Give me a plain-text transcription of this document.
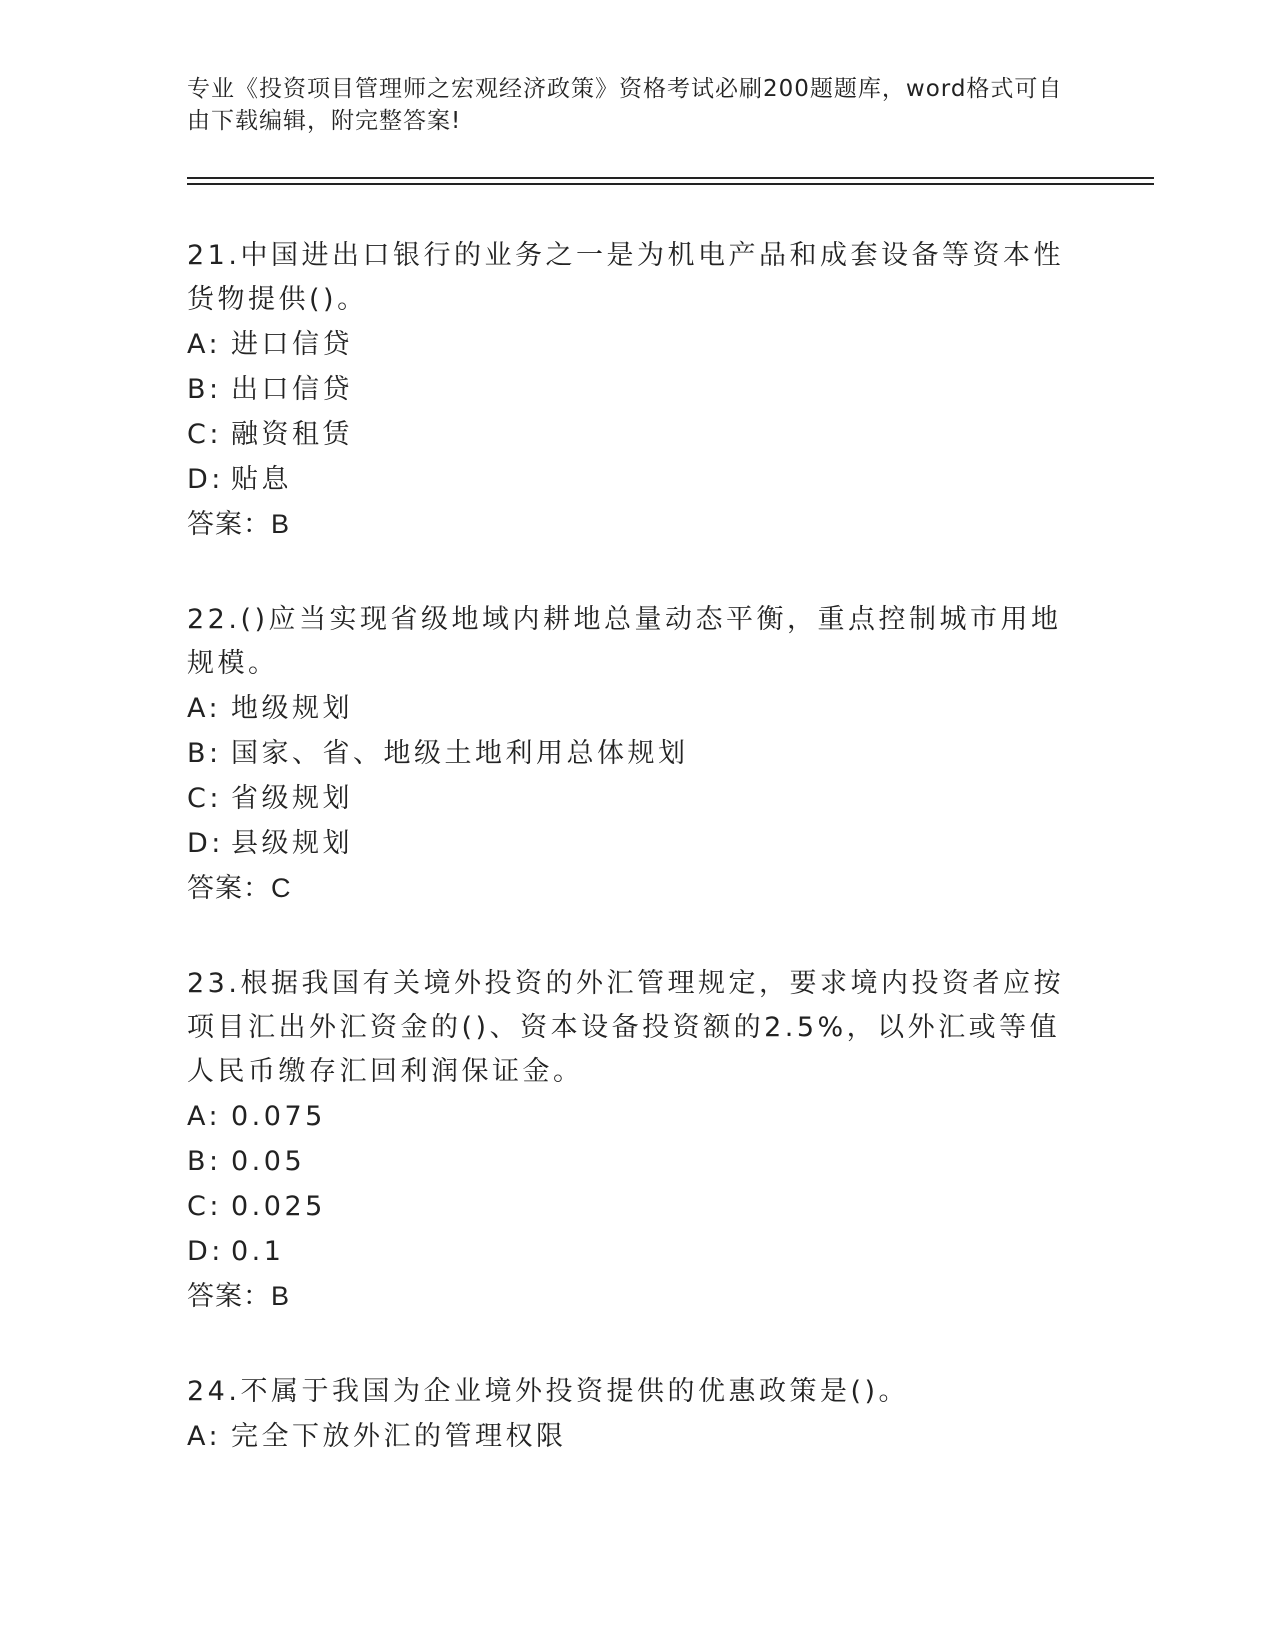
专业《投资项目管理师之宏观经济政策》资格考试必刷200题题库，word格式可自由下载编辑，附完整答案!

21.中国进出口银行的业务之一是为机电产品和成套设备等资本性货物提供()。

A: 进口信贷

B: 出口信贷

C: 融资租赁

D: 贴息

答案：B

22.()应当实现省级地域内耕地总量动态平衡，重点控制城市用地规模。

A: 地级规划

B: 国家、省、地级土地利用总体规划

C: 省级规划

D: 县级规划

答案：C

23.根据我国有关境外投资的外汇管理规定，要求境内投资者应按项目汇出外汇资金的()、资本设备投资额的2.5%，以外汇或等值人民币缴存汇回利润保证金。

A: 0.075

B: 0.05

C: 0.025

D: 0.1

答案：B

24.不属于我国为企业境外投资提供的优惠政策是()。

A: 完全下放外汇的管理权限
